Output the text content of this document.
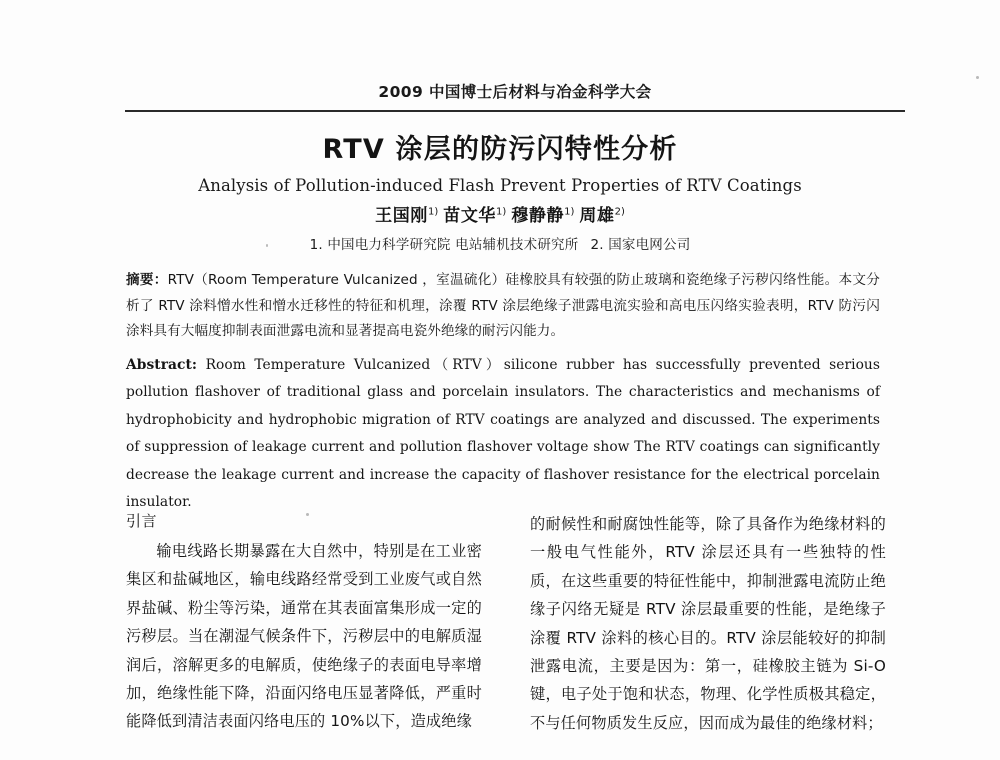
2009 中国博士后材料与冶金科学大会
RTV 涂层的防污闪特性分析
Analysis of Pollution-induced Flash Prevent Properties of RTV Coatings
王国刚$^{1)}$ 苗文华$^{1)}$ 穆静静$^{1)}$ 周雄$^{2)}$
1. 中国电力科学研究院 电站辅机技术研究所 2. 国家电网公司
摘要：RTV（Room Temperature Vulcanized ，室温硫化）硅橡胶具有较强的防止玻璃和瓷绝缘子污秽闪络性能。本文分析了 RTV 涂料憎水性和憎水迁移性的特征和机理，涂覆 RTV 涂层绝缘子泄露电流实验和高电压闪络实验表明，RTV 防污闪涂料具有大幅度抑制表面泄露电流和显著提高电瓷外绝缘的耐污闪能力。
Abstract: Room Temperature Vulcanized（RTV）silicone rubber has successfully prevented serious pollution flashover of traditional glass and porcelain insulators. The characteristics and mechanisms of hydrophobicity and hydrophobic migration of RTV coatings are analyzed and discussed. The experiments of suppression of leakage current and pollution flashover voltage show The RTV coatings can significantly decrease the leakage current and increase the capacity of flashover resistance for the electrical porcelain insulator.
引言
输电线路长期暴露在大自然中，特别是在工业密集区和盐碱地区，输电线路经常受到工业废气或自然界盐碱、粉尘等污染，通常在其表面富集形成一定的污秽层。当在潮湿气候条件下，污秽层中的电解质湿润后，溶解更多的电解质，使绝缘子的表面电导率增加，绝缘性能下降，沿面闪络电压显著降低，严重时能降低到清洁表面闪络电压的 10%以下，造成绝缘
的耐候性和耐腐蚀性能等，除了具备作为绝缘材料的一般电气性能外，RTV 涂层还具有一些独特的性质，在这些重要的特征性能中，抑制泄露电流防止绝缘子闪络无疑是 RTV 涂层最重要的性能，是绝缘子涂覆 RTV 涂料的核心目的。RTV 涂层能较好的抑制泄露电流，主要是因为：第一，硅橡胶主链为 Si-O 键，电子处于饱和状态，物理、化学性质极其稳定，不与任何物质发生反应，因而成为最佳的绝缘材料；
